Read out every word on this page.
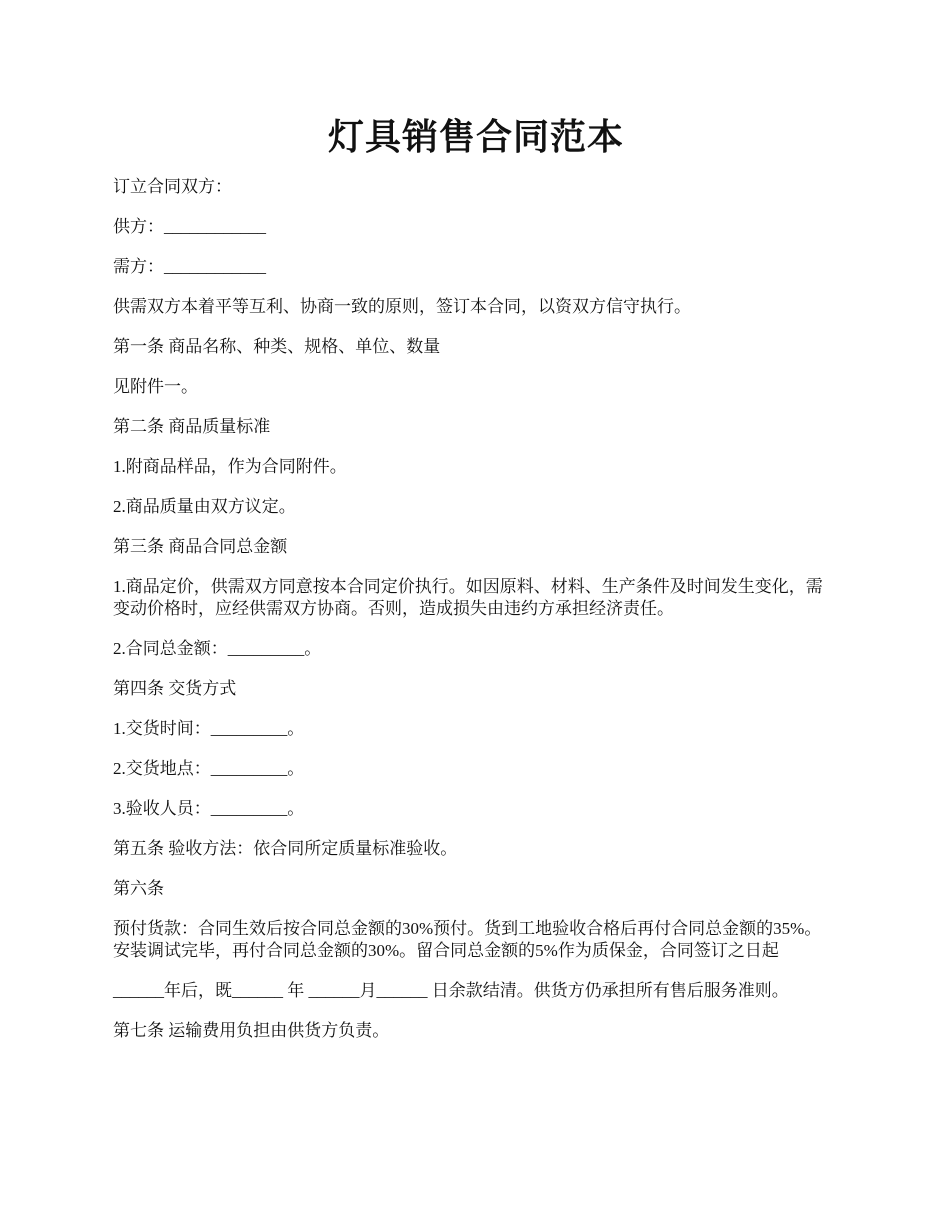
灯具销售合同范本

订立合同双方：

供方：____________

需方：____________

供需双方本着平等互利、协商一致的原则，签订本合同，以资双方信守执行。

第一条 商品名称、种类、规格、单位、数量

见附件一。

第二条 商品质量标准

1.附商品样品，作为合同附件。

2.商品质量由双方议定。

第三条 商品合同总金额

1.商品定价，供需双方同意按本合同定价执行。如因原料、材料、生产条件及时间发生变化，需变动价格时，应经供需双方协商。否则，造成损失由违约方承担经济责任。

2.合同总金额：_________。

第四条 交货方式

1.交货时间：_________。

2.交货地点：_________。

3.验收人员：_________。

第五条 验收方法：依合同所定质量标准验收。

第六条

预付货款：合同生效后按合同总金额的30%预付。货到工地验收合格后再付合同总金额的35%。安装调试完毕，再付合同总金额的30%。留合同总金额的5%作为质保金，合同签订之日起

______年后，既______ 年 ______月______ 日余款结清。供货方仍承担所有售后服务准则。

第七条 运输费用负担由供货方负责。
